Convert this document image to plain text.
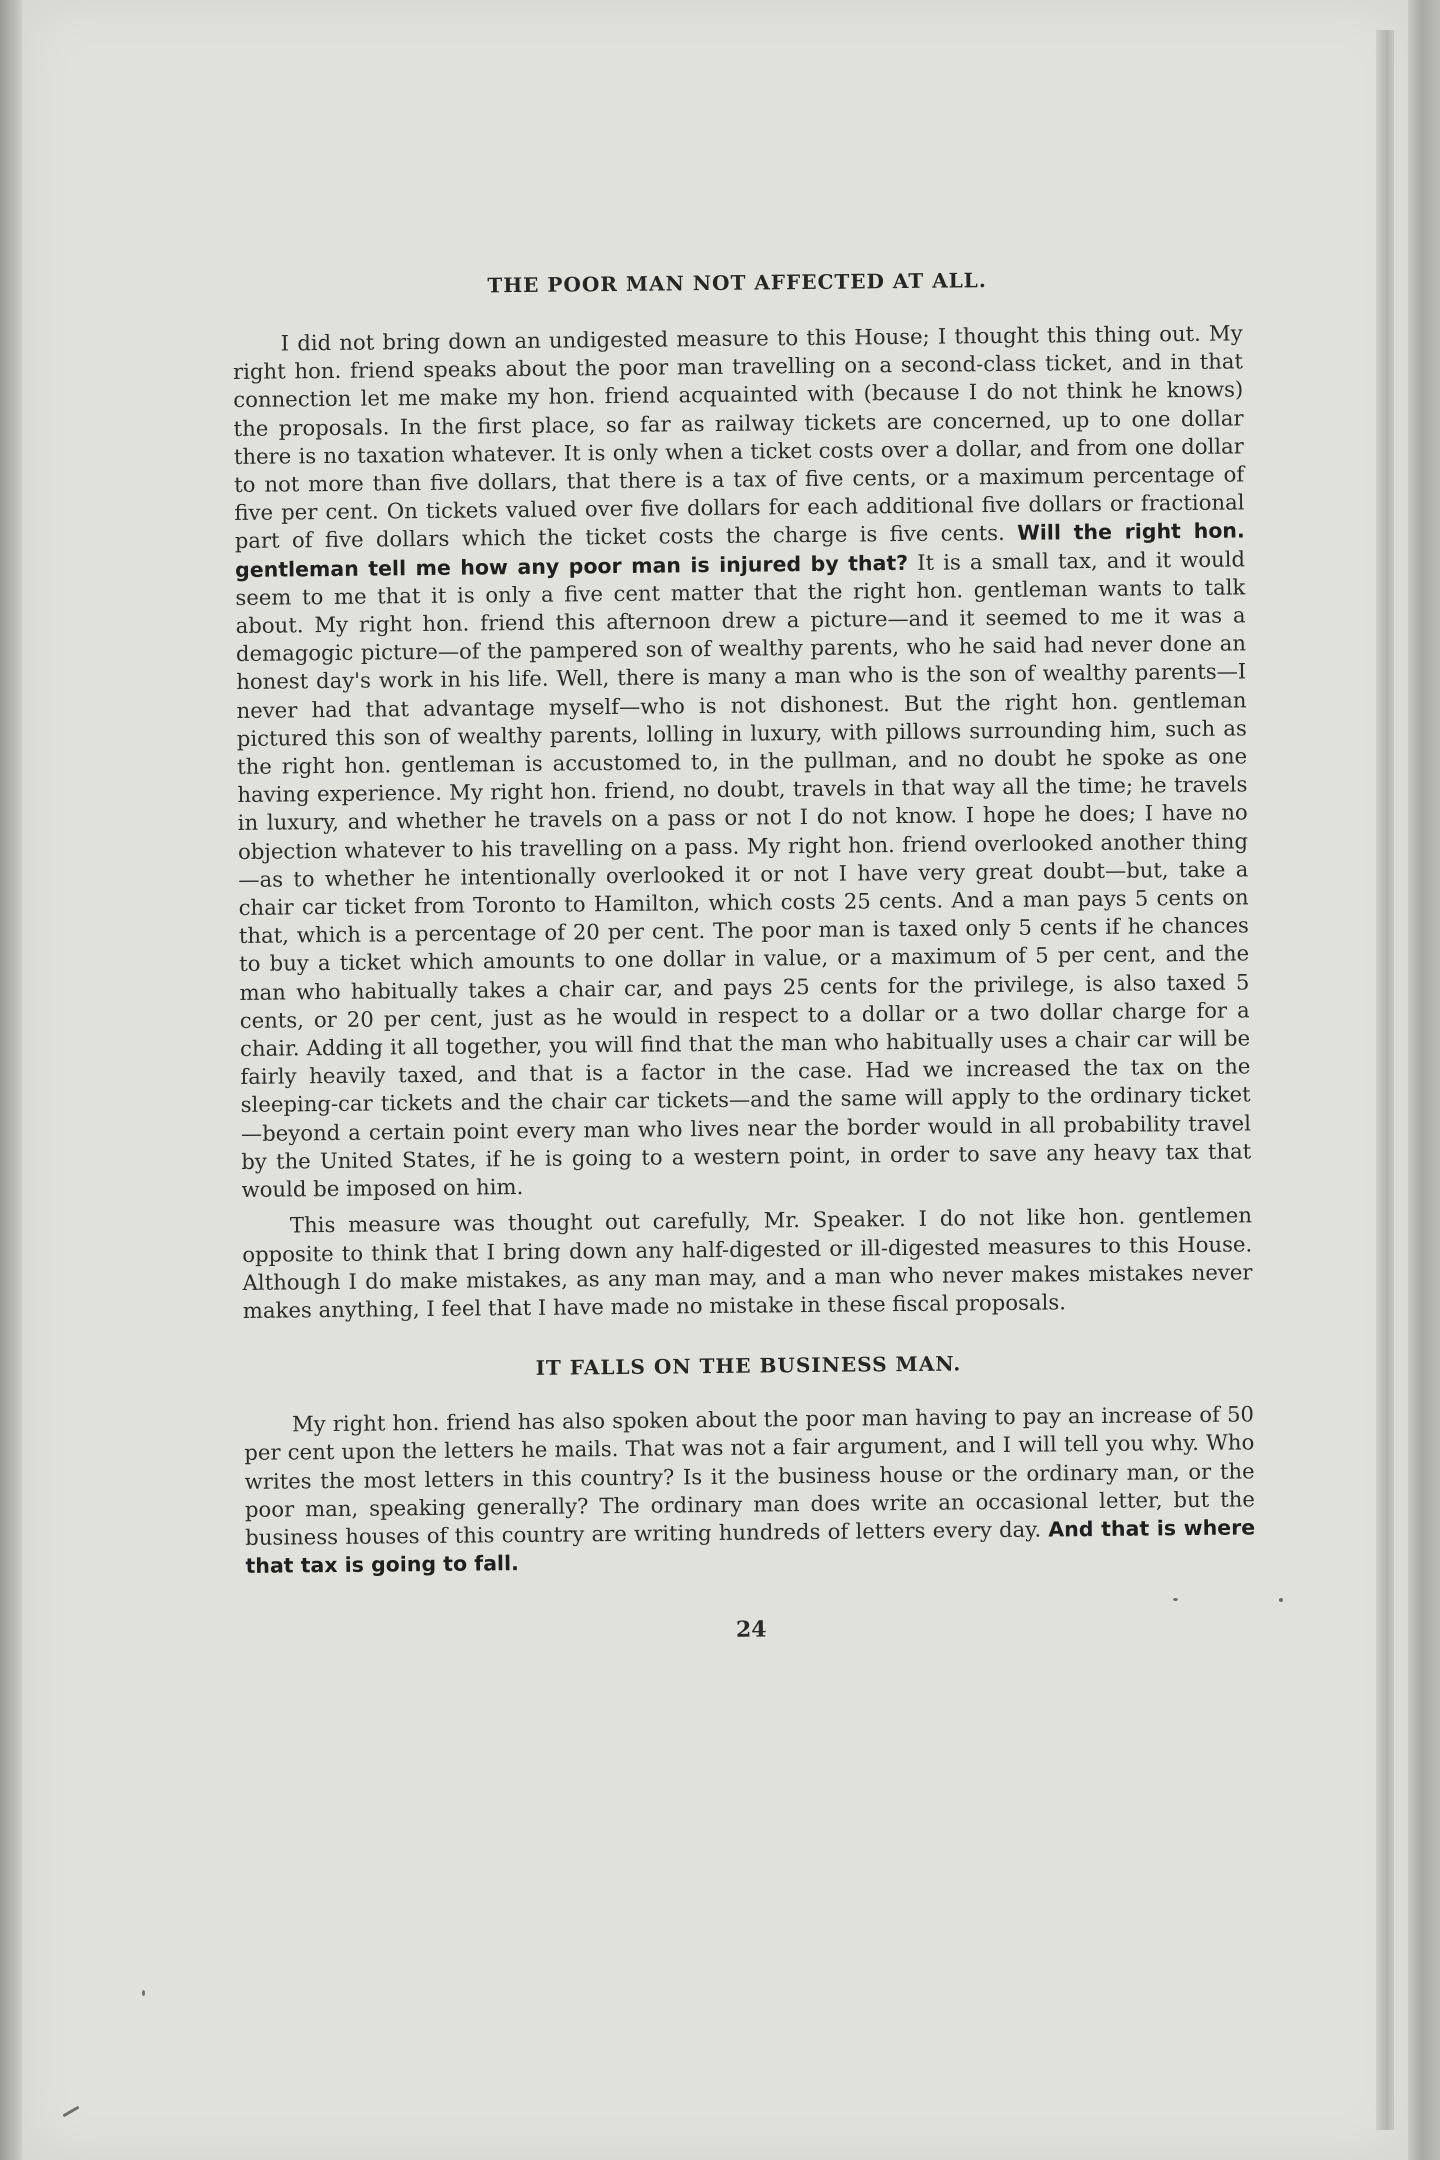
THE POOR MAN NOT AFFECTED AT ALL.

I did not bring down an undigested measure to this House; I thought this thing out. My right hon. friend speaks about the poor man travelling on a second-class ticket, and in that connection let me make my hon. friend acquainted with (because I do not think he knows) the proposals. In the first place, so far as railway tickets are concerned, up to one dollar there is no taxation whatever. It is only when a ticket costs over a dollar, and from one dollar to not more than five dollars, that there is a tax of five cents, or a maximum percentage of five per cent. On tickets valued over five dollars for each additional five dollars or fractional part of five dollars which the ticket costs the charge is five cents. Will the right hon. gentleman tell me how any poor man is injured by that? It is a small tax, and it would seem to me that it is only a five cent matter that the right hon. gentleman wants to talk about. My right hon. friend this afternoon drew a picture—and it seemed to me it was a demagogic picture—of the pampered son of wealthy parents, who he said had never done an honest day's work in his life. Well, there is many a man who is the son of wealthy parents—I never had that advantage myself—who is not dishonest. But the right hon. gentleman pictured this son of wealthy parents, lolling in luxury, with pillows surrounding him, such as the right hon. gentleman is accustomed to, in the pullman, and no doubt he spoke as one having experience. My right hon. friend, no doubt, travels in that way all the time; he travels in luxury, and whether he travels on a pass or not I do not know. I hope he does; I have no objection whatever to his travelling on a pass. My right hon. friend overlooked another thing—as to whether he intentionally overlooked it or not I have very great doubt—but, take a chair car ticket from Toronto to Hamilton, which costs 25 cents. And a man pays 5 cents on that, which is a percentage of 20 per cent. The poor man is taxed only 5 cents if he chances to buy a ticket which amounts to one dollar in value, or a maximum of 5 per cent, and the man who habitually takes a chair car, and pays 25 cents for the privilege, is also taxed 5 cents, or 20 per cent, just as he would in respect to a dollar or a two dollar charge for a chair. Adding it all together, you will find that the man who habitually uses a chair car will be fairly heavily taxed, and that is a factor in the case. Had we increased the tax on the sleeping-car tickets and the chair car tickets—and the same will apply to the ordinary ticket—beyond a certain point every man who lives near the border would in all probability travel by the United States, if he is going to a western point, in order to save any heavy tax that would be imposed on him.

This measure was thought out carefully, Mr. Speaker. I do not like hon. gentlemen opposite to think that I bring down any half-digested or ill-digested measures to this House. Although I do make mistakes, as any man may, and a man who never makes mistakes never makes anything, I feel that I have made no mistake in these fiscal proposals.

IT FALLS ON THE BUSINESS MAN.

My right hon. friend has also spoken about the poor man having to pay an increase of 50 per cent upon the letters he mails. That was not a fair argument, and I will tell you why. Who writes the most letters in this country? Is it the business house or the ordinary man, or the poor man, speaking generally? The ordinary man does write an occasional letter, but the business houses of this country are writing hundreds of letters every day. And that is where that tax is going to fall.

24
